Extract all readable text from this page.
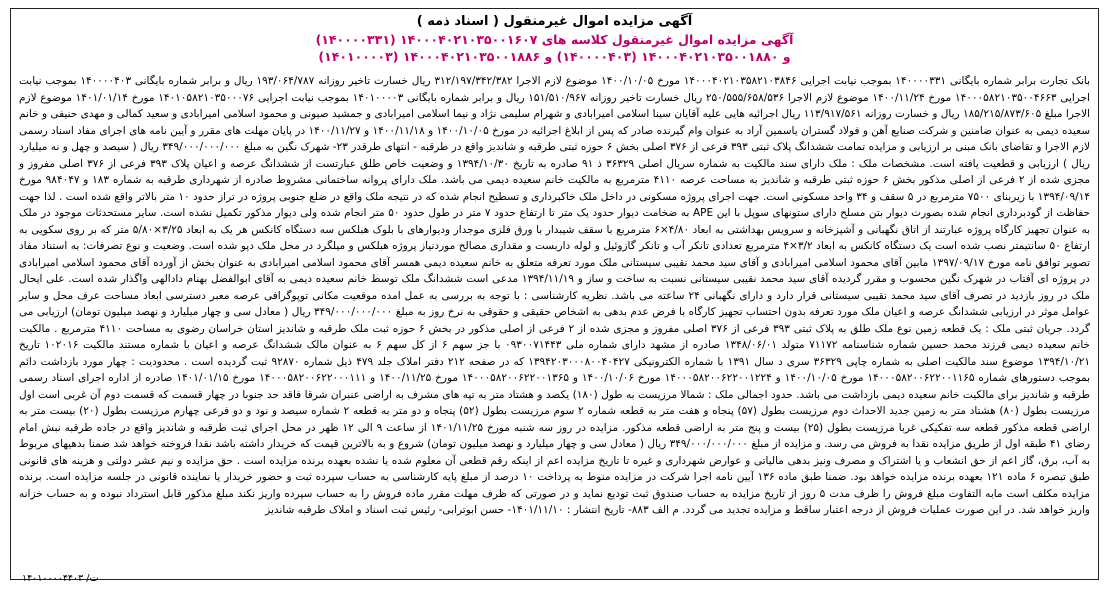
آگهی مزایده اموال غیرمنقول ( اسناد ذمه )
آگهی مزایده اموال غیرمنقول کلاسه های ۱۴۰۰۰۴۰۲۱۰۳۵۰۰۱۶۰۷ (۱۴۰۰۰۰۳۳۱)
و ۱۴۰۰۰۴۰۲۱۰۳۵۰۰۱۸۸۰ (۱۴۰۰۰۰۴۰۳) و ۱۴۰۰۰۴۰۲۱۰۳۵۰۰۱۸۸۶ (۱۴۰۱۰۰۰۰۳)
بانک تجارت برابر شماره بایگانی ۱۴۰۰۰۰۳۳۱ بموجب نیابت اجرایی ۱۴۰۰۰۴۰۲۱۰۳۵۸۲۱۰۳۸۴۶ مورخ ۱۴۰۰/۱۰/۰۵ موضوع لازم الاجرا ۳۱۲/۱۹۷/۳۴۲/۳۸۲ ریال خسارت تاخیر روزانه ۱۹۳/۰۶۴/۷۸۷ ریال و برابر شماره بایگانی ۱۴۰۰۰۰۴۰۳ بموجب نیابت اجرایی ۱۴۰۰۰۵۸۲۱۰۳۵۰۰۴۶۶۳ مورخ ۱۴۰۰/۱۱/۲۴ موضوع لازم الاجرا ۲۵۰/۵۵۵/۶۵۸/۵۳۶ ریال خسارت تاخیر روزانه ۱۵۱/۵۱۰/۹۶۷ ریال و برابر شماره بایگانی ۱۴۰۱۰۰۰۰۳ بموجب نیابت اجرایی ۱۴۰۱۰۵۸۲۱۰۳۵۰۰۰۷۶ مورخ ۱۴۰۱/۰۱/۱۴ موضوع لازم الاجرا مبلغ ۱۸۵/۲۱۵/۸۷۳/۶۰۵ ریال و خسارت روزانه ۱۱۳/۹۱۷/۵۶۱ ریال اجرائیه هایی علیه آقایان سینا اسلامی امیرابادی و شهرام سلیمی نژاد و نیما اسلامی امیرابادی و جمشید صیونی و محمود اسلامی امیرابادی و سعید کمالی و مهدی حنیفی و خانم سعیده دیمی به عنوان ضامنین و شرکت صنایع آهن و فولاد گستران یاسمین آراد به عنوان وام گیرنده صادر که پس از ابلاغ اجرائیه در مورخ ۱۴۰۰/۱۰/۰۵ و ۱۴۰۰/۱۱/۱۸ و ۱۴۰۰/۱۱/۲۷ در پایان مهلت های مقرر و آیین نامه های اجرای مفاد اسناد رسمی لازم الاجرا و تقاضای بانک مبنی بر ارزیابی و مزایده تمامت ششدانگ پلاک ثبتی ۳۹۳ فرعی از ۳۷۶ اصلی بخش ۶ حوزه ثبتی طرقبه و شاندیز واقع در طرقبه - انتهای طرقدر ۲۳- شهرک نگین به مبلغ ۳۴۹/۰۰۰/۰۰۰/۰۰۰ ریال ( سیصد و چهل و نه میلیارد ریال ) ارزیابی و قطعیت یافته است. مشخصات ملک : ملک دارای سند مالکیت به شماره سریال اصلی ۳۶۳۲۹ ذ ۹۱ صادره به تاریخ ۱۳۹۴/۱۰/۳۰ و وضعیت خاص طلق عبارتست از ششدانگ عرصه و اعیان پلاک ۳۹۳ فرعی از ۳۷۶ اصلی مفروز و مجزی شده از ۲ فرعی از اصلی مذکور بخش ۶ حوزه ثبتی طرقبه و شاندیز به مساحت عرصه ۴۱۱۰ مترمربع به مالکیت خانم سعیده دیمی می باشد. ملک دارای پروانه ساختمانی مشروط صادره از شهرداری طرقبه به شماره ۱۸۳ و ۹۸۴۰۴۷ مورخ ۱۳۹۴/۰۹/۱۴ با زیربنای ۷۵۰۰ مترمربع در ۵ سقف و ۳۴ واحد مسکونی است. جهت اجرای پروژه مسکونی در داخل ملک خاکبرداری و تسطیح انجام شده که در نتیجه ملک واقع در ضلع جنوبی پروژه در تراز حدود ۱۰ متر بالاتر واقع شده است . لذا جهت حفاظت از گودبرداری انجام شده بصورت دیوار بتن مسلح دارای ستونهای سوپل با این APE به ضخامت دیوار حدود یک متر تا ارتفاع حدود ۷ متر در طول حدود ۵۰ متر انجام شده ولی دیوار مذکور تکمیل نشده است. سایر مستحدثات موجود در ملک به عنوان تجهیز کارگاه پروژه عبارتند از اتاق نگهبانی و آشپزخانه و سرویس بهداشتی به ابعاد ۴/۸۰×۶ مترمربع با سقف شیبدار با ورق فلزی موجدار ودیوارهای با بلوک هبلکس سه دستگاه کانکس هر یک به ابعاد ۳/۲۵×۵/۸۰ متر که بر روی سکویی به ارتفاع ۵۰ سانتیمتر نصب شده است یک دستگاه کانکس به ابعاد ۳/۲×۴ مترمربع تعدادی تانکر آب و تانکر گازوئیل و لوله داربست و مقداری مصالح موردنیاز پروژه هبلکس و میلگرد در محل ملک دپو شده است. وضعیت و نوع تصرفات: به استناد مفاد تصویر توافق نامه مورخ ۱۳۹۷/۰۹/۱۷ مابین آقای محمود اسلامی امیرابادی و آقای سید محمد نقیبی سیستانی ملک مورد تعرفه متعلق به خانم سعیده دیمی همسر آقای محمود اسلامی امیرابادی به عنوان بخش از آورده آقای محمود اسلامی امیرابادی در پروژه ای آفتاب در شهرک نگین محسوب و مقرر گردیده آقای سید محمد نقیبی سیستانی نسبت به ساخت و ساز و ۱۳۹۴/۱۱/۱۹ مدعی است ششدانگ ملک توسط خانم سعیده دیمی به آقای ابوالفضل بهنام دادالهی واگذار شده است. علی ایحال ملک در روز بازدید در تصرف آقای سید محمد نقیبی سیستانی قرار دارد و دارای نگهبانی ۲۴ ساعته می باشد. نظریه کارشناسی : با توجه به بررسی به عمل امده موقعیت مکانی توپوگرافی عرصه معبر دسترسی ابعاد مساحت عرف محل و سایر عوامل موثر در ارزیابی ششدانگ عرصه و اعیان ملک مورد تعرفه بدون احتساب تجهیز کارگاه با فرض عدم بدهی به اشخاص حقیقی و حقوقی به نرخ روز به مبلغ ۳۴۹/۰۰۰/۰۰۰/۰۰۰ ریال ( معادل سی و چهار میلیارد و نهصد میلیون تومان) ارزیابی می گردد. جریان ثبتی ملک : یک قطعه زمین نوع ملک طلق به پلاک ثبتی ۳۹۳ فرعی از ۳۷۶ اصلی مفروز و مجزی شده از ۲ فرعی از اصلی مذکور در بخش ۶ حوزه ثبت ملک طرقبه و شاندیز استان خراسان رضوی به مساحت ۴۱۱۰ مترمربع . مالکیت خانم سعیده دیمی فرزند محمد حسین شماره شناسنامه ۷۱۱۷۲ متولد ۱۳۴۸/۰۶/۰۱ صادره از مشهد دارای شماره ملی ۰۹۳۰۰۷۱۴۴۳ با جز سهم ۶ از کل سهم ۶ به عنوان مالک ششدانگ عرصه و اعیان با شماره مستند مالکیت ۱۰۲۰۱۶ تاریخ ۱۳۹۴/۱۰/۲۱ موضوع سند مالکیت اصلی به شماره چاپی ۳۶۳۲۹ سری د سال ۱۳۹۱ با شماره الکترونیکی ۱۳۹۴۲۰۳۰۰۰۸۰۰۴۰۴۲۷ که در صفحه ۲۱۲ دفتر املاک جلد ۴۷۹ ذیل شماره ۹۲۸۷۰ ثبت گردیده است . محدودیت : چهار مورد بازداشت دائم بموجب دستورهای شماره ۱۴۰۰۰۵۸۲۰۰۶۲۲۰۰۱۱۶۵ مورخ ۱۴۰۰/۱۰/۰۵ و ۱۴۰۰۰۵۸۲۰۰۶۲۲۰۰۱۲۲۴ مورخ ۱۴۰۰/۱۰/۰۶ و ۱۴۰۰۰۵۸۲۰۰۶۲۲۰۰۱۳۶۵ مورخ ۱۴۰۰/۱۱/۲۵ و ۱۴۰۰۰۵۸۲۰۰۶۲۲۰۰۰۱۱۱ مورخ ۱۴۰۱/۰۱/۱۵ صادره از اداره اجرای اسناد رسمی طرقبه و شاندیز برای مالکیت خانم سعیده دیمی بازداشت می باشد. حدود اجمالی ملک : شمالا مرزیست به طول (۱۸۰) یکصد و هشتاد متر به تپه های مشرف به اراضی عنبران شرقا فاقد حد جنوبا در چهار قسمت که قسمت دوم آن غربی است اول مرزیست بطول (۸۰) هشتاد متر به زمین جدید الاحداث دوم مرزیست بطول (۵۷) پنجاه و هفت متر به قطعه شماره ۲ سوم مرزیست بطول (۵۲) پنجاه و دو متر به قطعه ۲ شماره سیصد و نود و دو فرعی چهارم مرزیست بطول (۲۰) بیست متر به اراضی قطعه مذکور قطعه سه تفکیکی غربا مرزیست بطول (۲۵) بیست و پنج متر به اراضی قطعه مذکور. مزایده در روز سه شنبه مورخ ۱۴۰۱/۱۱/۲۵ از ساعت ۹ الی ۱۲ ظهر در محل اجرای ثبت طرقبه و شاندیز واقع در جاده طرقبه نبش امام رضای ۴۱ طبقه اول از طریق مزایده نقدا به فروش می رسد. و مزایده از مبلغ ۳۴۹/۰۰۰/۰۰۰/۰۰۰ ریال ( معادل سی و چهار میلیارد و نهصد میلیون تومان) شروع و به بالاترین قیمت که خریدار داشته باشد نقدا فروخته خواهد شد ضمنا بدهیهای مربوط به آب، برق، گاز اعم از حق انشعاب و یا اشتراک و مصرف ونیز بدهی مالیاتی و عوارض شهرداری و غیره تا تاریخ مزایده اعم از اینکه رقم قطعی آن معلوم شده یا نشده بعهده برنده مزایده است . حق مزایده و نیم عشر دولتی و هزینه های قانونی طبق تبصره ۶ ماده ۱۲۱ بعهده برنده مزایده خواهد بود. ضمنا طبق ماده ۱۳۶ آیین نامه اجرا شرکت در مزایده منوط به پرداخت ۱۰ درصد از مبلغ پایه کارشناسی به حساب سپرده ثبت و حضور خریدار یا نماینده قانونی در جلسه مزایده است. برنده مزایده مکلف است مابه التفاوت مبلغ فروش را ظرف مدت ۵ روز از تاریخ مزایده به حساب صندوق ثبت تودیع نماید و در صورتی که ظرف مهلت مقرر ماده فروش را به حساب سپرده واریز نکند مبلغ مذکور قابل استرداد نبوده و به حساب خزانه واریز خواهد شد. در این صورت عملیات فروش از درجه اعتبار ساقط و مزایده تجدید می گردد. م الف ۸۸۳- تاریخ انتشار : ۱۴۰۱/۱۱/۱۰- حسن ابوترابی- رئیس ثبت اسناد و املاک طرقبه شاندیز
۱۴۰۱۰۰۰۰۴۴۰۳ /ت
